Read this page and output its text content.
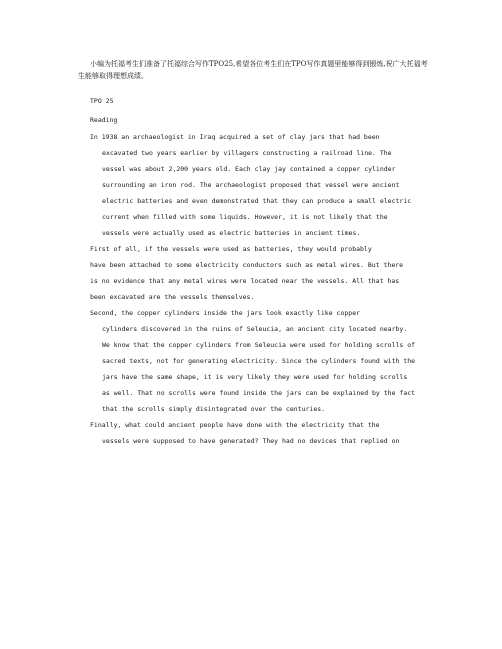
小编为托福考生们准备了托福综合写作TPO25,希望各位考生们在TPO写作真题里能够得到锻炼,祝广大托福考生能够取得理想成绩。
TPO 25
Reading
In 1938 an archaeologist in Iraq acquired a set of clay jars that had been
excavated two years earlier by villagers constructing a railroad line. The
vessel was about 2,200 years old. Each clay jay contained a copper cylinder
surrounding an iron rod. The archaeologist proposed that vessel were ancient
electric batteries and even demonstrated that they can produce a small electric
current when filled with some liquids. However, it is not likely that the
vessels were actually used as electric batteries in ancient times.
First of all, if the vessels were used as batteries, they would probably
have been attached to some electricity conductors such as metal wires. But there
is no evidence that any metal wires were located near the vessels. All that has
been excavated are the vessels themselves.
Second, the copper cylinders inside the jars look exactly like copper
cylinders discovered in the ruins of Seleucia, an ancient city located nearby.
We know that the copper cylinders from Seleucia were used for holding scrolls of
sacred texts, not for generating electricity. Since the cylinders found with the
jars have the same shape, it is very likely they were used for holding scrolls
as well. That no scrolls were found inside the jars can be explained by the fact
that the scrolls simply disintegrated over the centuries.
Finally, what could ancient people have done with the electricity that the
vessels were supposed to have generated? They had no devices that replied on
